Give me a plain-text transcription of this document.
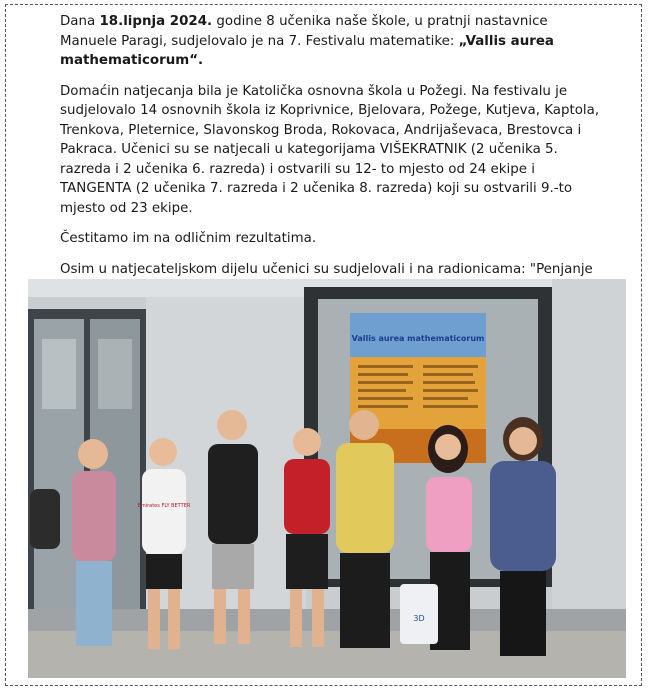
Dana 18.lipnja 2024. godine 8 učenika naše škole, u pratnji nastavnice Manuele Paragi, sudjelovalo je na 7. Festivalu matematike: „Vallis aurea mathematicorum“.

Domaćin natjecanja bila je Katolička osnovna škola u Požegi. Na festivalu je sudjelovalo 14 osnovnih škola iz Koprivnice, Bjelovara, Požege, Kutjeva, Kaptola, Trenkova, Pleternice, Slavonskog Broda, Rokovaca, Andrijaševaca, Brestovca i Pakraca. Učenici su se natjecali u kategorijama VIŠEKRATNIK (2 učenika 5. razreda i 2 učenika 6. razreda) i ostvarili su 12- to mjesto od 24 ekipe i TANGENTA (2 učenika 7. razreda i 2 učenika 8. razreda) koji su ostvarili 9.-to mjesto od 23 ekipe.

Čestitamo im na odličnim rezultatima.

Osim u natjecateljskom dijelu učenici su sudjelovali i na radionicama: "Penjanje

Vallis aurea mathematicorum
Emirates FLY BETTER
3D
